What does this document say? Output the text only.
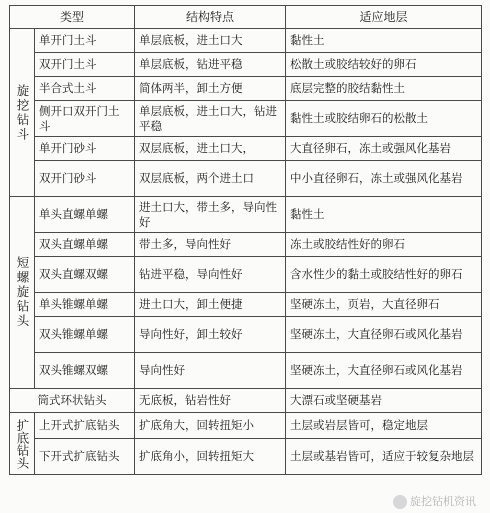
类型		结构特点	适应地层

旋挖钻斗	单开门土斗	单层底板，进土口大	黏性土
	双开门土斗	单层底板，钻进平稳	松散土或胶结较好的卵石
	半合式土斗	简体两半，卸土方便	底层完整的胶结黏性土
	侧开口双开门土斗	单层底板，进土口大，钻进平稳	黏性土或胶结卵石的松散土
	单开门砂斗	双层底板，进土口大，	大直径卵石，冻土或强风化基岩
	双开门砂斗	双层底板，两个进土口	中小直径卵石，冻土或强风化基岩

短螺旋钻头	单头直螺单螺	进土口大，带土多，导向性好	黏性土
	双头直螺单螺	带土多，导向性好	冻土或胶结性好的卵石
	双头直螺双螺	钻进平稳，导向性好	含水性少的黏土或胶结性好的卵石
	单头锥螺单螺	进土口大，卸土便捷	坚硬冻土，页岩，大直径卵石
	双头锥螺单螺	导向性好，卸土较好	坚硬冻土，大直径卵石或风化基岩
	双头锥螺双螺	导向性好	坚硬冻土，大直径卵石或风化基岩
筒式环状钻头		无底板，钻岩性好	大漂石或坚硬基岩

扩底钻头	上开式扩底钻头	扩底角大，回转扭矩小	土层或岩层皆可，稳定地层
	下开式扩底钻头	扩底角小，回转扭矩大	土层或基岩皆可，适应于较复杂地层
旋挖钻机资讯
